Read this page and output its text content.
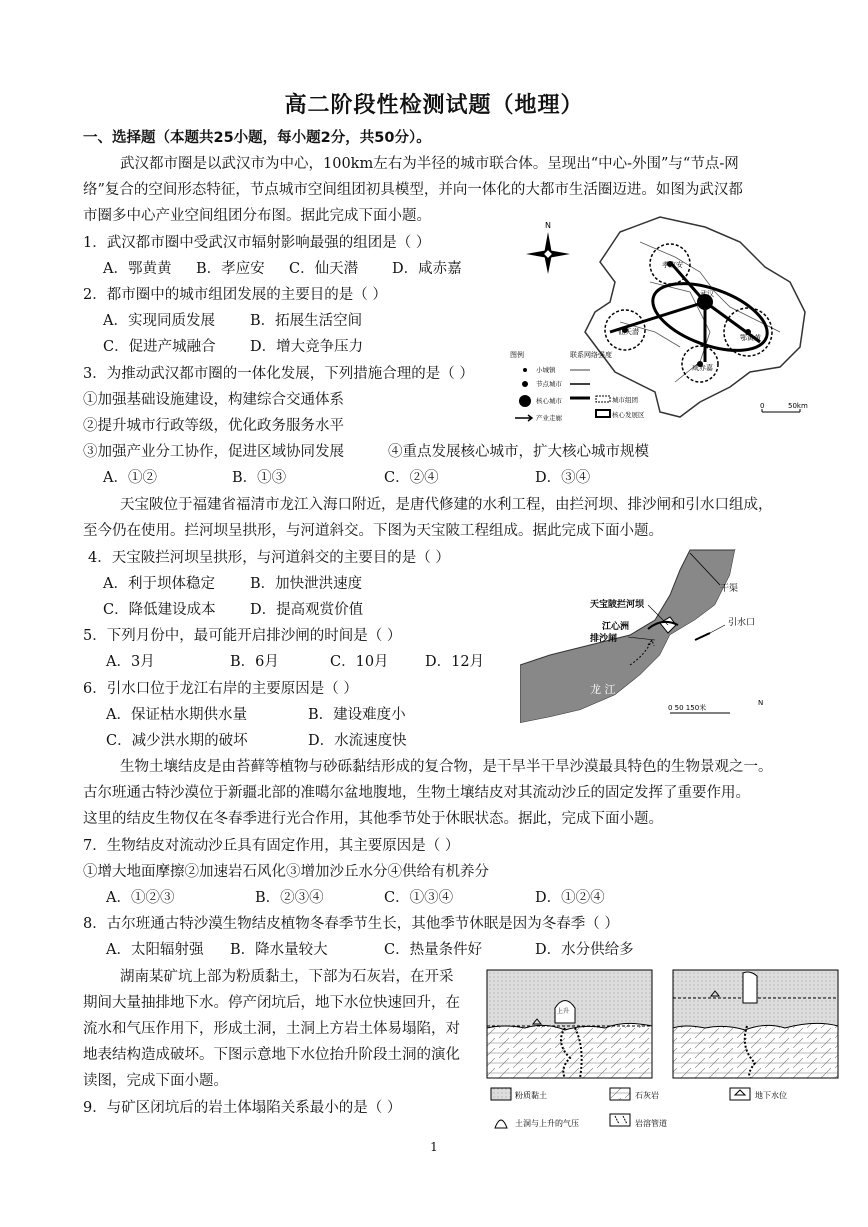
高二阶段性检测试题（地理）
一、选择题（本题共25小题，每小题2分，共50分）。
武汉都市圈是以武汉市为中心，100km左右为半径的城市联合体。呈现出“中心-外围”与“节点-网
络”复合的空间形态特征，节点城市空间组团初具模型，并向一体化的大都市生活圈迈进。如图为武汉都
市圈多中心产业空间组团分布图。据此完成下面小题。
1．武汉都市圈中受武汉市辐射影响最强的组团是（ ）
A．鄂黄黄 B．孝应安 C．仙天潜 D．咸赤嘉
2．都市圈中的城市组团发展的主要目的是（ ）
A．实现同质发展 B．拓展生活空间
C．促进产城融合 D．增大竞争压力
3．为推动武汉都市圈的一体化发展，下列措施合理的是（ ）
①加强基础设施建设，构建综合交通体系
②提升城市行政等级，优化政务服务水平
③加强产业分工协作，促进区域协同发展	④重点发展核心城市，扩大核心城市规模
A．①②	B．①③	C．②④	D．③④
孝应安
武汉
仙天潜
鄂黄黄
咸赤嘉
N
图例	联系网络强度
小城镇
节点城市
核心城市
产业走廊
城市组团
核心发展区
0	50km
天宝陂位于福建省福清市龙江入海口附近，是唐代修建的水利工程，由拦河坝、排沙闸和引水口组成，
至今仍在使用。拦河坝呈拱形，与河道斜交。下图为天宝陂工程组成。据此完成下面小题。
4．天宝陂拦河坝呈拱形，与河道斜交的主要目的是（ ）
A．利于坝体稳定 B．加快泄洪速度
C．降低建设成本 D．提高观赏价值
5．下列月份中，最可能开启排沙闸的时间是（ ）
A．3月	B．6月	C．10月	D．12月
6．引水口位于龙江右岸的主要原因是（ ）
A．保证枯水期供水量	B．建设难度小
C．减少洪水期的破坏	D．水流速度快
干渠
天宝陂拦河坝
江心洲
排沙闸
引水口
龙 江
0 50 150米
N
生物土壤结皮是由苔藓等植物与砂砾黏结形成的复合物，是干旱半干旱沙漠最具特色的生物景观之一。
古尔班通古特沙漠位于新疆北部的准噶尔盆地腹地，生物土壤结皮对其流动沙丘的固定发挥了重要作用。
这里的结皮生物仅在冬春季进行光合作用，其他季节处于休眠状态。据此，完成下面小题。
7．生物结皮对流动沙丘具有固定作用，其主要原因是（ ）
①增大地面摩擦②加速岩石风化③增加沙丘水分④供给有机养分
A．①②③	B．②③④	C．①③④	D．①②④
8．古尔班通古特沙漠生物结皮植物冬春季节生长，其他季节休眠是因为冬春季（ ）
A．太阳辐射强 B．降水量较大	C．热量条件好	D．水分供给多
湖南某矿坑上部为粉质黏土，下部为石灰岩，在开采
期间大量抽排地下水。停产闭坑后，地下水位快速回升，在
流水和气压作用下，形成土洞，土洞上方岩土体易塌陷，对
地表结构造成破坏。下图示意地下水位抬升阶段土洞的演化
读图，完成下面小题。
9．与矿区闭坑后的岩土体塌陷关系最小的是（ ）
上升
粉质黏土	石灰岩	地下水位
土洞与上升的气压	岩溶管道
1
